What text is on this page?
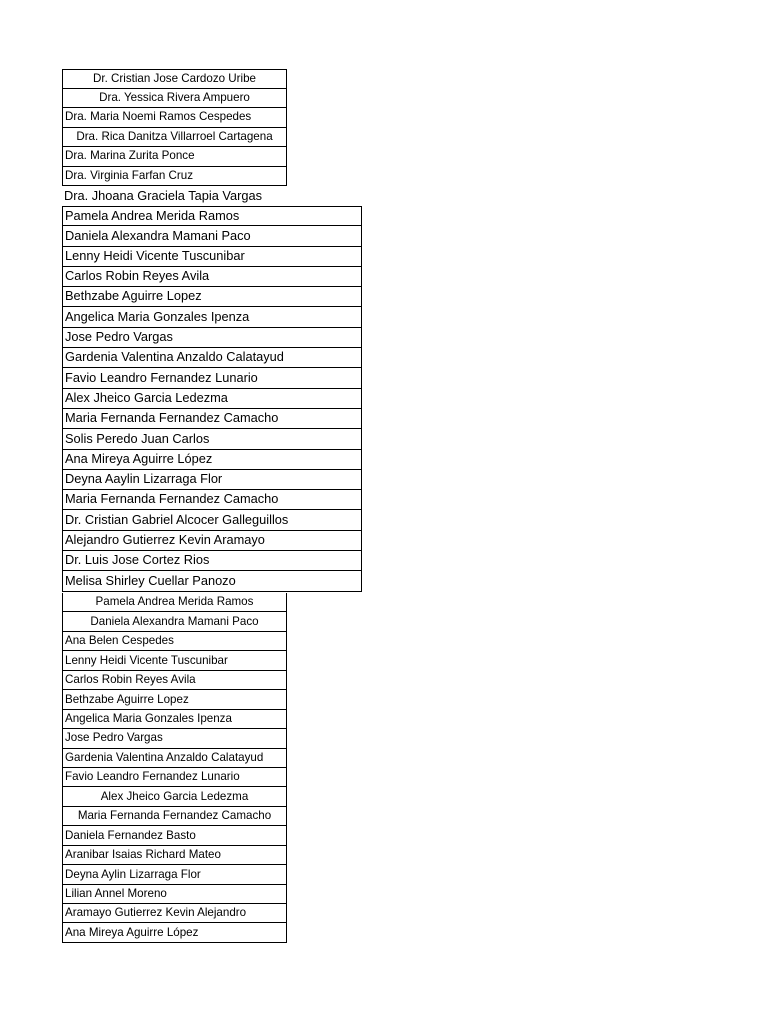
Dr. Cristian Jose Cardozo Uribe
Dra. Yessica Rivera Ampuero
Dra. Maria Noemi Ramos Cespedes
Dra. Rica Danitza Villarroel Cartagena
Dra. Marina Zurita Ponce
Dra. Virginia Farfan Cruz
Dra. Jhoana Graciela Tapia Vargas
Pamela Andrea Merida Ramos
Daniela Alexandra Mamani Paco
Lenny Heidi Vicente Tuscunibar
Carlos Robin Reyes Avila
Bethzabe Aguirre Lopez
Angelica Maria Gonzales Ipenza
Jose Pedro Vargas
Gardenia Valentina Anzaldo Calatayud
Favio Leandro Fernandez Lunario
Alex Jheico Garcia Ledezma
Maria Fernanda Fernandez Camacho
Solis Peredo Juan Carlos
Ana Mireya Aguirre López
Deyna Aaylin Lizarraga Flor
Maria Fernanda Fernandez Camacho
Dr. Cristian Gabriel Alcocer Galleguillos
Alejandro Gutierrez Kevin Aramayo
Dr. Luis Jose Cortez Rios
Melisa Shirley Cuellar Panozo
Pamela Andrea Merida Ramos
Daniela Alexandra Mamani Paco
Ana Belen Cespedes
Lenny Heidi Vicente Tuscunibar
Carlos Robin Reyes Avila
Bethzabe Aguirre Lopez
Angelica Maria Gonzales Ipenza
Jose Pedro Vargas
Gardenia Valentina Anzaldo Calatayud
Favio Leandro Fernandez Lunario
Alex Jheico Garcia Ledezma
Maria Fernanda Fernandez Camacho
Daniela Fernandez Basto
Aranibar Isaias Richard Mateo
Deyna Aylin Lizarraga Flor
Lilian Annel Moreno
Aramayo Gutierrez Kevin Alejandro
Ana Mireya Aguirre López
